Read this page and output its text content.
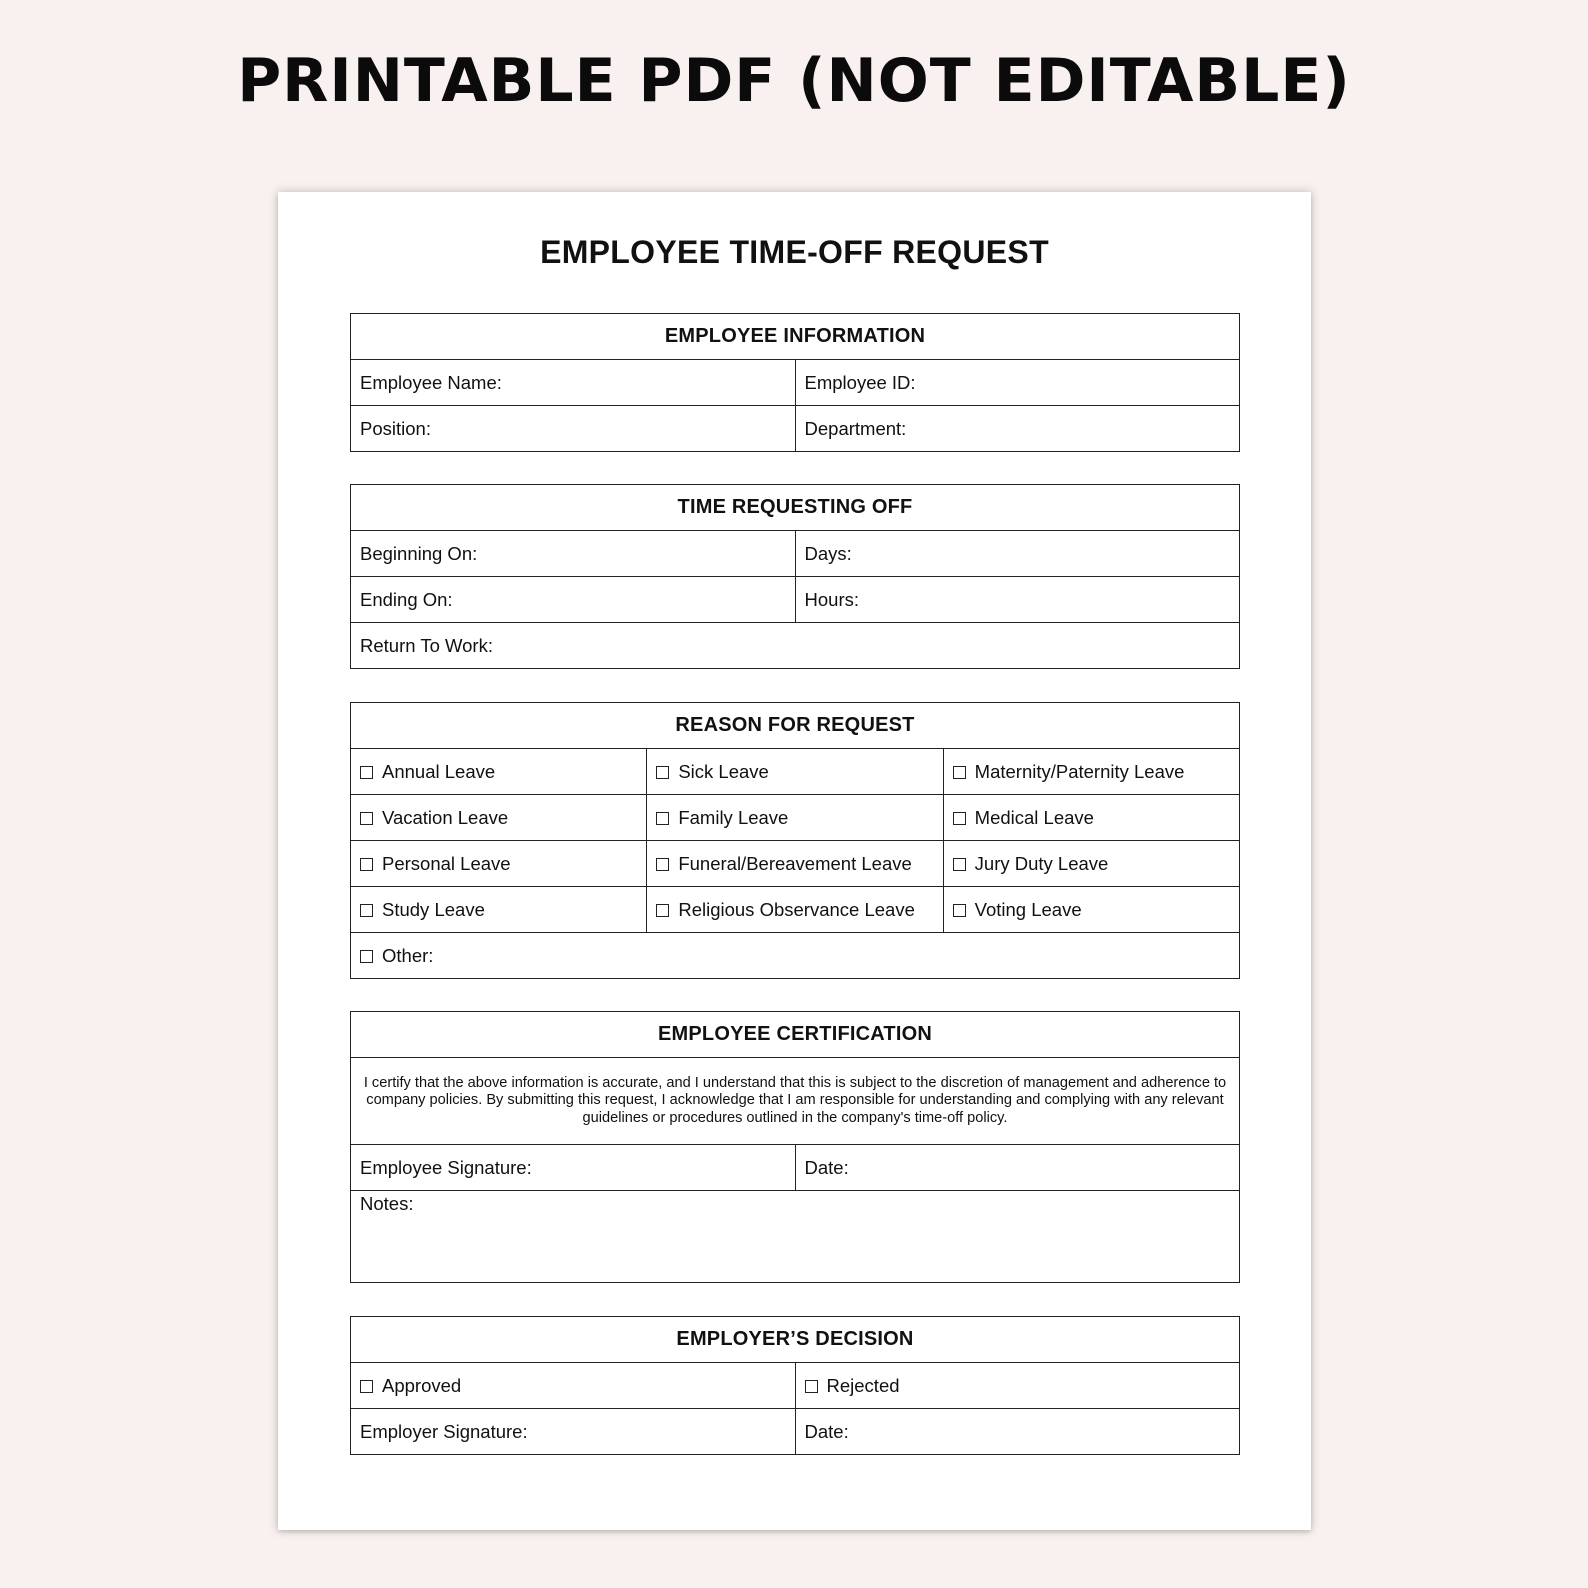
PRINTABLE PDF (NOT EDITABLE)
EMPLOYEE TIME-OFF REQUEST
EMPLOYEE INFORMATION	
Employee Name:	Employee ID:
Position:	Department:
TIME REQUESTING OFF	
Beginning On:	Days:
Ending On:	Hours:
Return To Work:	
REASON FOR REQUEST		
Annual Leave	Sick Leave	Maternity/Paternity Leave
Vacation Leave	Family Leave	Medical Leave
Personal Leave	Funeral/Bereavement Leave	Jury Duty Leave
Study Leave	Religious Observance Leave	Voting Leave
Other:		
EMPLOYEE CERTIFICATION
I certify that the above information is accurate, and I understand that this is subject to the discretion of management and adherence to company policies. By submitting this request, I acknowledge that I am responsible for understanding and complying with any relevant guidelines or procedures outlined in the company's time-off policy.
Employee Signature:	Date:
Notes:
EMPLOYER’S DECISION	
Approved	Rejected
Employer Signature:	Date:
